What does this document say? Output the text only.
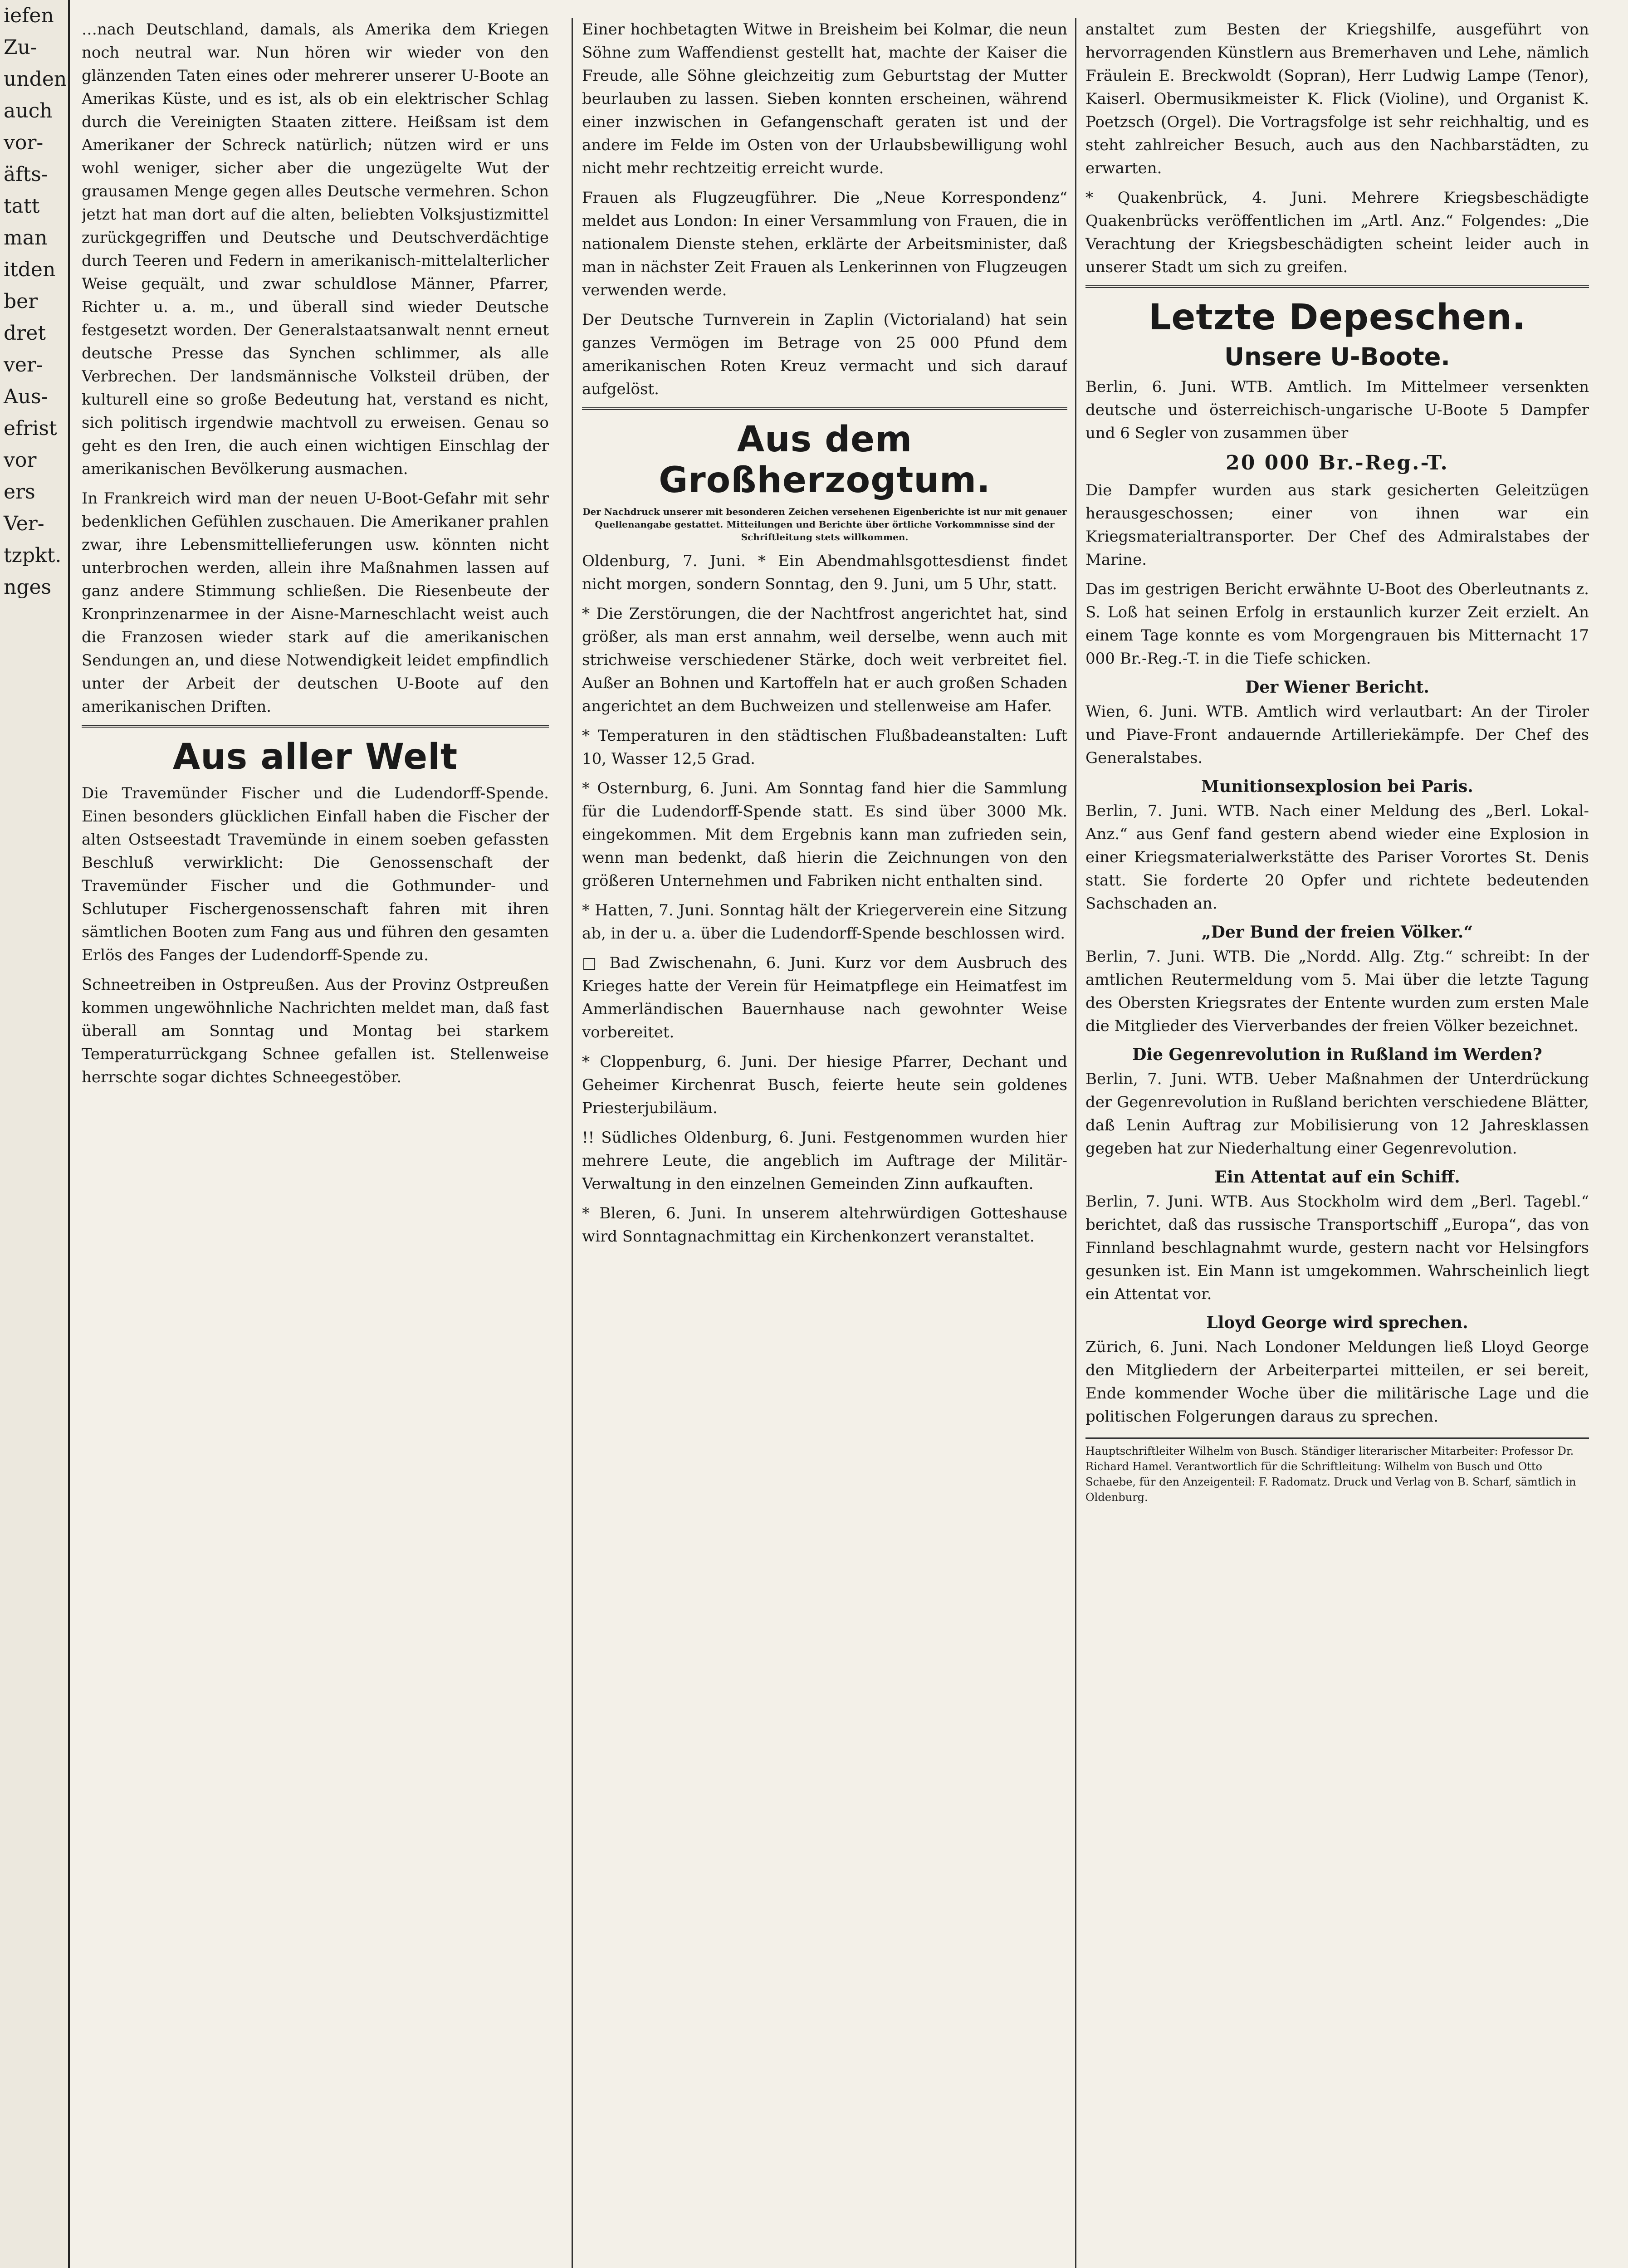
iefen
Zu-
unden
auch
vor-
äfts-
tatt
man
itden
ber
dret
ver-
Aus-
efrist
vor
ers
Ver-
tzpkt.
nges

…nach Deutschland, damals, als Amerika dem Kriegen noch neutral war. Nun hören wir wieder von den glänzenden Taten eines oder mehrerer unserer U-Boote an Amerikas Küste, und es ist, als ob ein elektrischer Schlag durch die Vereinigten Staaten zittere. Heißsam ist dem Amerikaner der Schreck natürlich; nützen wird er uns wohl weniger, sicher aber die ungezügelte Wut der grausamen Menge gegen alles Deutsche vermehren. Schon jetzt hat man dort auf die alten, beliebten Volksjustizmittel zurückgegriffen und Deutsche und Deutschverdächtige durch Teeren und Federn in amerikanisch-mittelalterlicher Weise gequält, und zwar schuldlose Männer, Pfarrer, Richter u. a. m., und überall sind wieder Deutsche festgesetzt worden. Der Generalstaatsanwalt nennt erneut deutsche Presse das Synchen schlimmer, als alle Verbrechen. Der landsmännische Volksteil drüben, der kulturell eine so große Bedeutung hat, verstand es nicht, sich politisch irgendwie machtvoll zu erweisen. Genau so geht es den Iren, die auch einen wichtigen Einschlag der amerikanischen Bevölkerung ausmachen.

In Frankreich wird man der neuen U-Boot-Gefahr mit sehr bedenklichen Gefühlen zuschauen. Die Amerikaner prahlen zwar, ihre Lebensmittellieferungen usw. könnten nicht unterbrochen werden, allein ihre Maßnahmen lassen auf ganz andere Stimmung schließen. Die Riesenbeute der Kronprinzenarmee in der Aisne-Marneschlacht weist auch die Franzosen wieder stark auf die amerikanischen Sendungen an, und diese Notwendigkeit leidet empfindlich unter der Arbeit der deutschen U-Boote auf den amerikanischen Driften.

Aus aller Welt

Die Travemünder Fischer und die Ludendorff-Spende. Einen besonders glücklichen Einfall haben die Fischer der alten Ostseestadt Travemünde in einem soeben gefassten Beschluß verwirklicht: Die Genossenschaft der Travemünder Fischer und die Gothmunder- und Schlutuper Fischergenossenschaft fahren mit ihren sämtlichen Booten zum Fang aus und führen den gesamten Erlös des Fanges der Ludendorff-Spende zu.

Schneetreiben in Ostpreußen. Aus der Provinz Ostpreußen kommen ungewöhnliche Nachrichten meldet man, daß fast überall am Sonntag und Montag bei starkem Temperaturrückgang Schnee gefallen ist. Stellenweise herrschte sogar dichtes Schneegestöber.

Einer hochbetagten Witwe in Breisheim bei Kolmar, die neun Söhne zum Waffendienst gestellt hat, machte der Kaiser die Freude, alle Söhne gleichzeitig zum Geburtstag der Mutter beurlauben zu lassen. Sieben konnten erscheinen, während einer inzwischen in Gefangenschaft geraten ist und der andere im Felde im Osten von der Urlaubsbewilligung wohl nicht mehr rechtzeitig erreicht wurde.

Frauen als Flugzeugführer. Die „Neue Korrespondenz“ meldet aus London: In einer Versammlung von Frauen, die in nationalem Dienste stehen, erklärte der Arbeitsminister, daß man in nächster Zeit Frauen als Lenkerinnen von Flugzeugen verwenden werde.

Der Deutsche Turnverein in Zaplin (Victorialand) hat sein ganzes Vermögen im Betrage von 25 000 Pfund dem amerikanischen Roten Kreuz vermacht und sich darauf aufgelöst.

Aus dem Großherzogtum.
Der Nachdruck unserer mit besonderen Zeichen versehenen Eigenberichte ist nur mit genauer Quellenangabe gestattet. Mitteilungen und Berichte über örtliche Vorkommnisse sind der Schriftleitung stets willkommen.

Oldenburg, 7. Juni. * Ein Abendmahlsgottesdienst findet nicht morgen, sondern Sonntag, den 9. Juni, um 5 Uhr, statt.

* Die Zerstörungen, die der Nachtfrost angerichtet hat, sind größer, als man erst annahm, weil derselbe, wenn auch mit strichweise verschiedener Stärke, doch weit verbreitet fiel. Außer an Bohnen und Kartoffeln hat er auch großen Schaden angerichtet an dem Buchweizen und stellenweise am Hafer.

* Temperaturen in den städtischen Flußbadeanstalten: Luft 10, Wasser 12,5 Grad.

* Osternburg, 6. Juni. Am Sonntag fand hier die Sammlung für die Ludendorff-Spende statt. Es sind über 3000 Mk. eingekommen. Mit dem Ergebnis kann man zufrieden sein, wenn man bedenkt, daß hierin die Zeichnungen von den größeren Unternehmen und Fabriken nicht enthalten sind.

* Hatten, 7. Juni. Sonntag hält der Kriegerverein eine Sitzung ab, in der u. a. über die Ludendorff-Spende beschlossen wird.

□ Bad Zwischenahn, 6. Juni. Kurz vor dem Ausbruch des Krieges hatte der Verein für Heimatpflege ein Heimatfest im Ammerländischen Bauernhause nach gewohnter Weise vorbereitet.

* Cloppenburg, 6. Juni. Der hiesige Pfarrer, Dechant und Geheimer Kirchenrat Busch, feierte heute sein goldenes Priesterjubiläum.

!! Südliches Oldenburg, 6. Juni. Festgenommen wurden hier mehrere Leute, die angeblich im Auftrage der Militär-Verwaltung in den einzelnen Gemeinden Zinn aufkauften.

* Bleren, 6. Juni. In unserem altehrwürdigen Gotteshause wird Sonntagnachmittag ein Kirchenkonzert veranstaltet.

anstaltet zum Besten der Kriegshilfe, ausgeführt von hervorragenden Künstlern aus Bremerhaven und Lehe, nämlich Fräulein E. Breckwoldt (Sopran), Herr Ludwig Lampe (Tenor), Kaiserl. Obermusikmeister K. Flick (Violine), und Organist K. Poetzsch (Orgel). Die Vortragsfolge ist sehr reichhaltig, und es steht zahlreicher Besuch, auch aus den Nachbarstädten, zu erwarten.

* Quakenbrück, 4. Juni. Mehrere Kriegsbeschädigte Quakenbrücks veröffentlichen im „Artl. Anz.“ Folgendes: „Die Verachtung der Kriegsbeschädigten scheint leider auch in unserer Stadt um sich zu greifen.

Letzte Depeschen.
Unsere U-Boote.

Berlin, 6. Juni. WTB. Amtlich. Im Mittelmeer versenkten deutsche und österreichisch-ungarische U-Boote 5 Dampfer und 6 Segler von zusammen über

20 000 Br.-Reg.-T.

Die Dampfer wurden aus stark gesicherten Geleitzügen herausgeschossen; einer von ihnen war ein Kriegsmaterialtransporter. Der Chef des Admiralstabes der Marine.

Das im gestrigen Bericht erwähnte U-Boot des Oberleutnants z. S. Loß hat seinen Erfolg in erstaunlich kurzer Zeit erzielt. An einem Tage konnte es vom Morgengrauen bis Mitternacht 17 000 Br.-Reg.-T. in die Tiefe schicken.

Der Wiener Bericht.

Wien, 6. Juni. WTB. Amtlich wird verlautbart: An der Tiroler und Piave-Front andauernde Artilleriekämpfe. Der Chef des Generalstabes.

Munitionsexplosion bei Paris.

Berlin, 7. Juni. WTB. Nach einer Meldung des „Berl. Lokal-Anz.“ aus Genf fand gestern abend wieder eine Explosion in einer Kriegsmaterialwerkstätte des Pariser Vorortes St. Denis statt. Sie forderte 20 Opfer und richtete bedeutenden Sachschaden an.

„Der Bund der freien Völker.“

Berlin, 7. Juni. WTB. Die „Nordd. Allg. Ztg.“ schreibt: In der amtlichen Reutermeldung vom 5. Mai über die letzte Tagung des Obersten Kriegsrates der Entente wurden zum ersten Male die Mitglieder des Vierverbandes der freien Völker bezeichnet.

Die Gegenrevolution in Rußland im Werden?

Berlin, 7. Juni. WTB. Ueber Maßnahmen der Unterdrückung der Gegenrevolution in Rußland berichten verschiedene Blätter, daß Lenin Auftrag zur Mobilisierung von 12 Jahresklassen gegeben hat zur Niederhaltung einer Gegenrevolution.

Ein Attentat auf ein Schiff.

Berlin, 7. Juni. WTB. Aus Stockholm wird dem „Berl. Tagebl.“ berichtet, daß das russische Transportschiff „Europa“, das von Finnland beschlagnahmt wurde, gestern nacht vor Helsingfors gesunken ist. Ein Mann ist umgekommen. Wahrscheinlich liegt ein Attentat vor.

Lloyd George wird sprechen.

Zürich, 6. Juni. Nach Londoner Meldungen ließ Lloyd George den Mitgliedern der Arbeiterpartei mitteilen, er sei bereit, Ende kommender Woche über die militärische Lage und die politischen Folgerungen daraus zu sprechen.

Hauptschriftleiter Wilhelm von Busch. Ständiger literarischer Mitarbeiter: Professor Dr. Richard Hamel. Verantwortlich für die Schriftleitung: Wilhelm von Busch und Otto Schaebe, für den Anzeigenteil: F. Radomatz. Druck und Verlag von B. Scharf, sämtlich in Oldenburg.
